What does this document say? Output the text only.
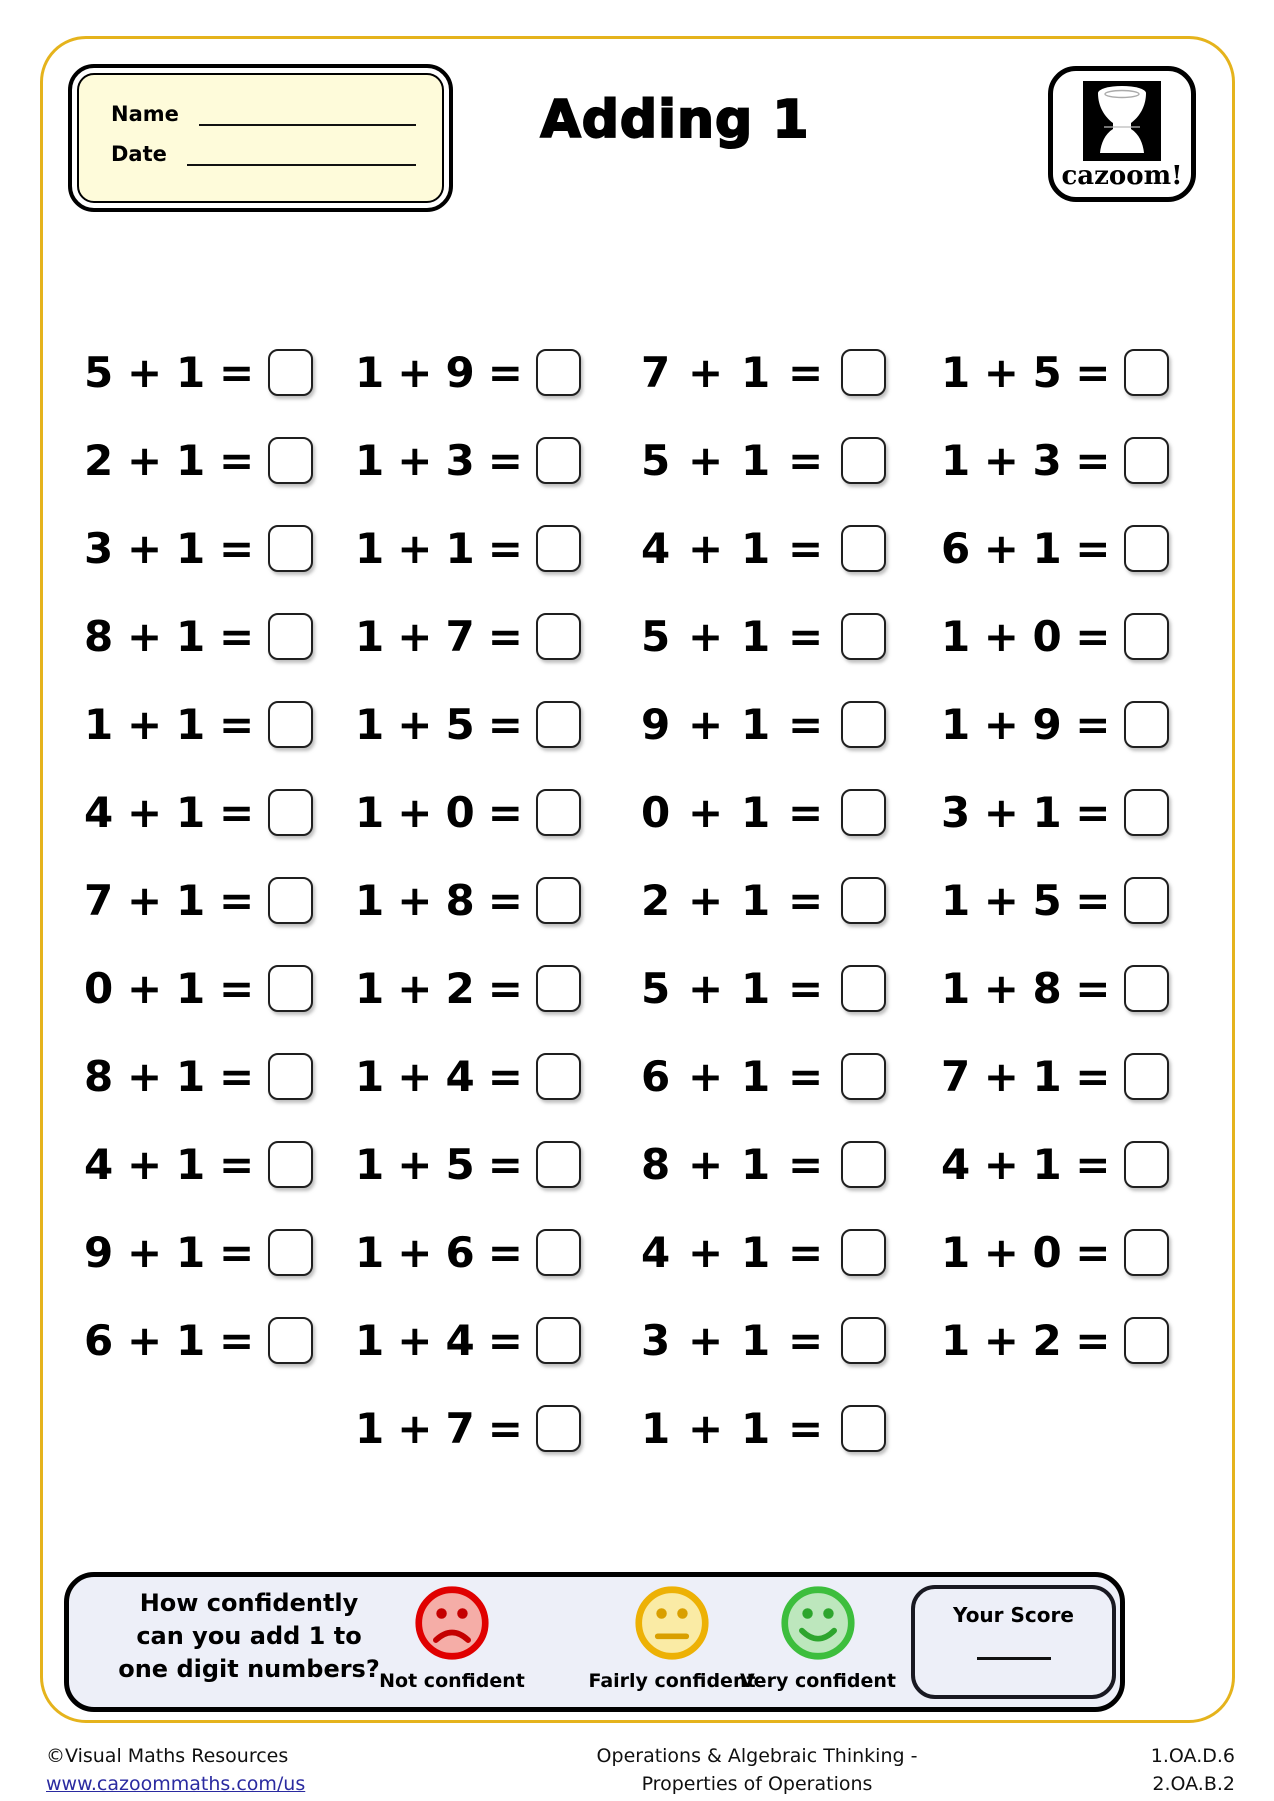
Name
Date
Adding 1
cazoom!
5 + 1 =
2 + 1 =
3 + 1 =
8 + 1 =
1 + 1 =
4 + 1 =
7 + 1 =
0 + 1 =
8 + 1 =
4 + 1 =
9 + 1 =
6 + 1 =
1 + 9 =
1 + 3 =
1 + 1 =
1 + 7 =
1 + 5 =
1 + 0 =
1 + 8 =
1 + 2 =
1 + 4 =
1 + 5 =
1 + 6 =
1 + 4 =
1 + 7 =
7 + 1 =
5 + 1 =
4 + 1 =
5 + 1 =
9 + 1 =
0 + 1 =
2 + 1 =
5 + 1 =
6 + 1 =
8 + 1 =
4 + 1 =
3 + 1 =
1 + 1 =
1 + 5 =
1 + 3 =
6 + 1 =
1 + 0 =
1 + 9 =
3 + 1 =
1 + 5 =
1 + 8 =
7 + 1 =
4 + 1 =
1 + 0 =
1 + 2 =
How confidently
can you add 1 to
one digit numbers? Not confident	Fairly confident
Very confident
Your Score
©Visual Maths Resources
www.cazoommaths.com/us
Operations & Algebraic Thinking -
Properties of Operations
1.OA.D.6
2.OA.B.2
